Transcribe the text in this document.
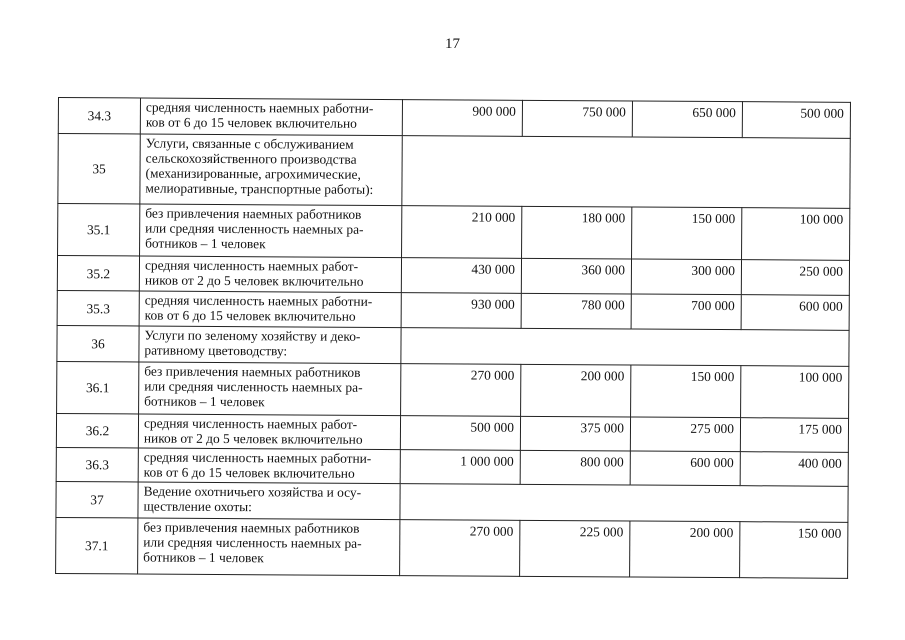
17
34.3	средняя численность наемных работни-
ков от 6 до 15 человек включительно	900 000	750 000	650 000	500 000
35	Услуги, связанные с обслуживанием
сельскохозяйственного производства
(механизированные, агрохимические,
мелиоративные, транспортные работы):				

35.1	без привлечения наемных работников
или средняя численность наемных ра-
ботников – 1 человек	210 000	180 000	150 000	100 000
35.2	средняя численность наемных работ-
ников от 2 до 5 человек включительно	430 000	360 000	300 000	250 000
35.3	средняя численность наемных работни-
ков от 6 до 15 человек включительно	930 000	780 000	700 000	600 000
36	Услуги по зеленому хозяйству и деко-
ративному цветоводству:				

36.1	без привлечения наемных работников
или средняя численность наемных ра-
ботников – 1 человек	270 000	200 000	150 000	100 000
36.2	средняя численность наемных работ-
ников от 2 до 5 человек включительно	500 000	375 000	275 000	175 000
36.3	средняя численность наемных работни-
ков от 6 до 15 человек включительно	1 000 000	800 000	600 000	400 000
37	Ведение охотничьего хозяйства и осу-
ществление охоты:				

37.1	без привлечения наемных работников
или средняя численность наемных ра-
ботников – 1 человек	270 000	225 000	200 000	150 000
